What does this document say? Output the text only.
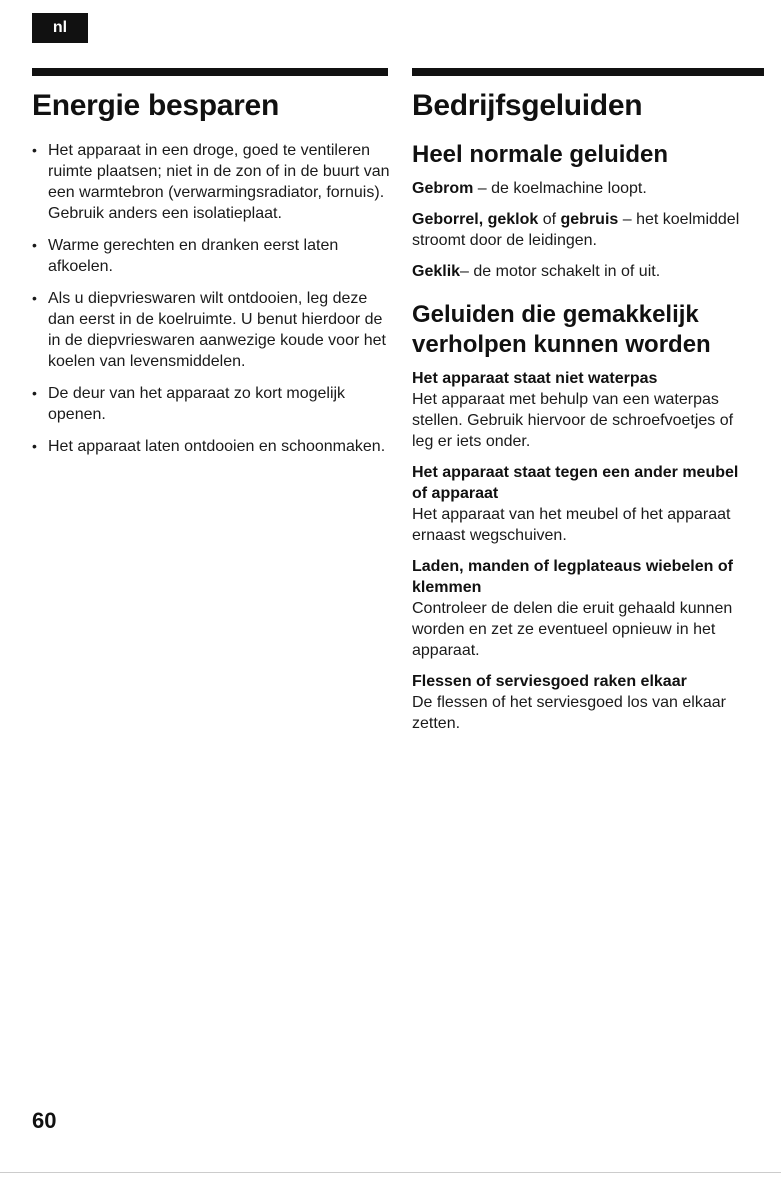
nl
Energie besparen
• Het apparaat in een droge, goed te ventileren ruimte plaatsen; niet in de zon of in de buurt van een warmtebron (verwarmingsradiator, fornuis). Gebruik anders een isolatieplaat.
• Warme gerechten en dranken eerst laten afkoelen.
• Als u diepvrieswaren wilt ontdooien, leg deze dan eerst in de koelruimte. U benut hierdoor de in de diepvrieswaren aanwezige koude voor het koelen van levensmiddelen.
• De deur van het apparaat zo kort mogelijk openen.
• Het apparaat laten ontdooien en schoonmaken.
Bedrijfsgeluiden
Heel normale geluiden

Gebrom – de koelmachine loopt.

Geborrel, geklok of gebruis – het koelmiddel stroomt door de leidingen.

Geklik– de motor schakelt in of uit.

Geluiden die gemakkelijk verholpen kunnen worden

Het apparaat staat niet waterpas

Het apparaat met behulp van een waterpas stellen. Gebruik hiervoor de schroefvoetjes of leg er iets onder.

Het apparaat staat tegen een ander meubel of apparaat

Het apparaat van het meubel of het apparaat ernaast wegschuiven.

Laden, manden of legplateaus wiebelen of klemmen

Controleer de delen die eruit gehaald kunnen worden en zet ze eventueel opnieuw in het apparaat.

Flessen of serviesgoed raken elkaar

De flessen of het serviesgoed los van elkaar zetten.

60
